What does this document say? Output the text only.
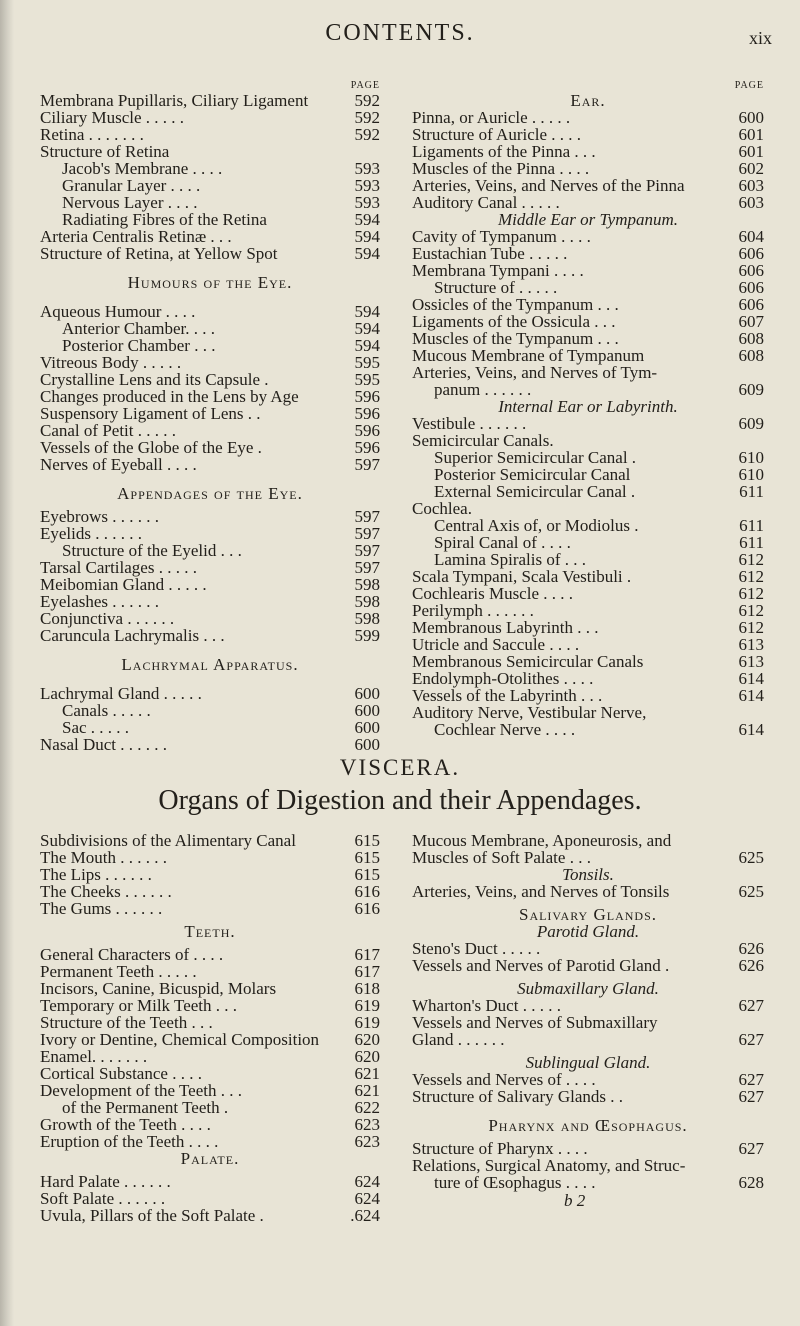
CONTENTS.	xix
PAGE
Membrana Pupillaris, Ciliary Ligament	592
Ciliary Muscle . . . . .	592
Retina . . . . . . .	592
Structure of Retina
Jacob's Membrane . . . .	593
Granular Layer . . . .	593
Nervous Layer . . . .	593
Radiating Fibres of the Retina	594
Arteria Centralis Retinæ . . .	594
Structure of Retina, at Yellow Spot	594
Humours of the Eye.
Aqueous Humour . . . .	594
Anterior Chamber. . . .	594
Posterior Chamber . . .	594
Vitreous Body . . . . .	595
Crystalline Lens and its Capsule .	595
Changes produced in the Lens by Age	596
Suspensory Ligament of Lens . .	596
Canal of Petit . . . . .	596
Vessels of the Globe of the Eye .	596
Nerves of Eyeball . . . .	597
Appendages of the Eye.
Eyebrows . . . . . .	597
Eyelids . . . . . .	597
Structure of the Eyelid . . .	597
Tarsal Cartilages . . . . .	597
Meibomian Gland . . . . .	598
Eyelashes . . . . . .	598
Conjunctiva . . . . . .	598
Caruncula Lachrymalis . . .	599
Lachrymal Apparatus.
Lachrymal Gland . . . . .	600
Canals . . . . .	600
Sac . . . . .	600
Nasal Duct . . . . . .	600
PAGE
Ear.
Pinna, or Auricle . . . . .	600
Structure of Auricle . . . .	601
Ligaments of the Pinna . . .	601
Muscles of the Pinna . . . .	602
Arteries, Veins, and Nerves of the Pinna	603
Auditory Canal . . . . .	603
Middle Ear or Tympanum.
Cavity of Tympanum . . . .	604
Eustachian Tube . . . . .	606
Membrana Tympani . . . .	606
Structure of . . . . .	606
Ossicles of the Tympanum . . .	606
Ligaments of the Ossicula . . .	607
Muscles of the Tympanum . . .	608
Mucous Membrane of Tympanum	608
Arteries, Veins, and Nerves of Tym-
panum . . . . . .	609
Internal Ear or Labyrinth.
Vestibule . . . . . .	609
Semicircular Canals.
Superior Semicircular Canal .	610
Posterior Semicircular Canal	610
External Semicircular Canal .	611
Cochlea.
Central Axis of, or Modiolus .	611
Spiral Canal of . . . .	611
Lamina Spiralis of . . .	612
Scala Tympani, Scala Vestibuli .	612
Cochlearis Muscle . . . .	612
Perilymph . . . . . .	612
Membranous Labyrinth . . .	612
Utricle and Saccule . . . .	613
Membranous Semicircular Canals	613
Endolymph-Otolithes . . . .	614
Vessels of the Labyrinth . . .	614
Auditory Nerve, Vestibular Nerve,
Cochlear Nerve . . . .	614
VISCERA.
Organs of Digestion and their Appendages.
Subdivisions of the Alimentary Canal	615
The Mouth . . . . . .	615
The Lips . . . . . .	615
The Cheeks . . . . . .	616
The Gums . . . . . .	616
Teeth.
General Characters of . . . .	617
Permanent Teeth . . . . .	617
Incisors, Canine, Bicuspid, Molars	618
Temporary or Milk Teeth . . .	619
Structure of the Teeth . . .	619
Ivory or Dentine, Chemical Composition 620
Enamel. . . . . . .	620
Cortical Substance . . . .	621
Development of the Teeth . . .	621
of the Permanent Teeth .	622
Growth of the Teeth . . . .	623
Eruption of the Teeth . . . .	623
Palate.
Hard Palate . . . . . .	624
Soft Palate . . . . . .	624
Uvula, Pillars of the Soft Palate .	.624
Mucous Membrane, Aponeurosis, and
Muscles of Soft Palate . . .	625
Tonsils.
Arteries, Veins, and Nerves of Tonsils	625
Salivary Glands.
Parotid Gland.
Steno's Duct . . . . .	626
Vessels and Nerves of Parotid Gland .	626
Submaxillary Gland.
Wharton's Duct . . . . .	627
Vessels and Nerves of Submaxillary
Gland . . . . . .	627
Sublingual Gland.
Vessels and Nerves of . . . .	627
Structure of Salivary Glands . .	627
Pharynx and Œsophagus.
Structure of Pharynx . . . .	627
Relations, Surgical Anatomy, and Struc-
ture of Œsophagus . . . .	628
b 2
